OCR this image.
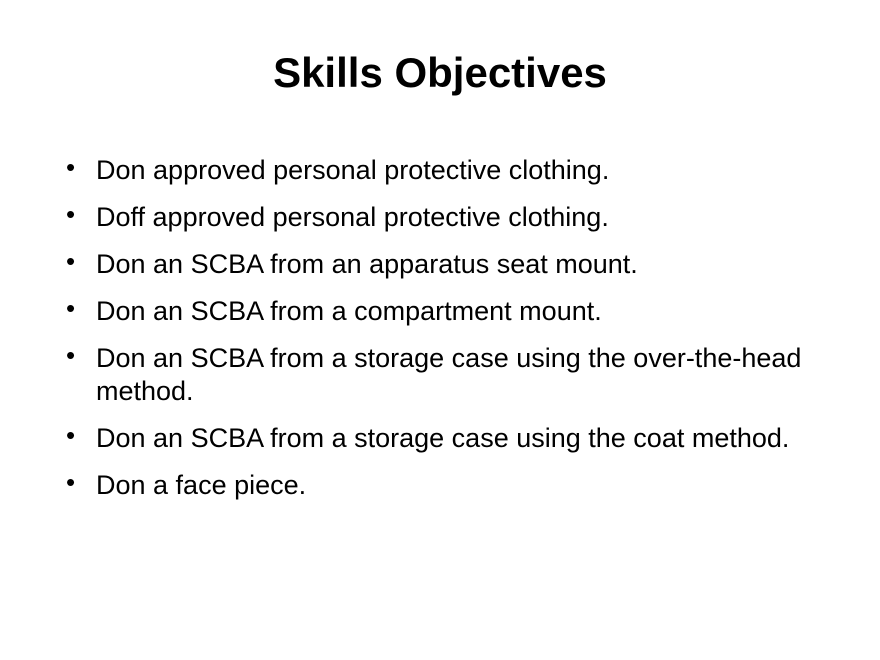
Skills Objectives
• Don approved personal protective clothing.
• Doff approved personal protective clothing.
• Don an SCBA from an apparatus seat mount.
• Don an SCBA from a compartment mount.
• Don an SCBA from a storage case using the over-the-head method.
• Don an SCBA from a storage case using the coat method.
• Don a face piece.
